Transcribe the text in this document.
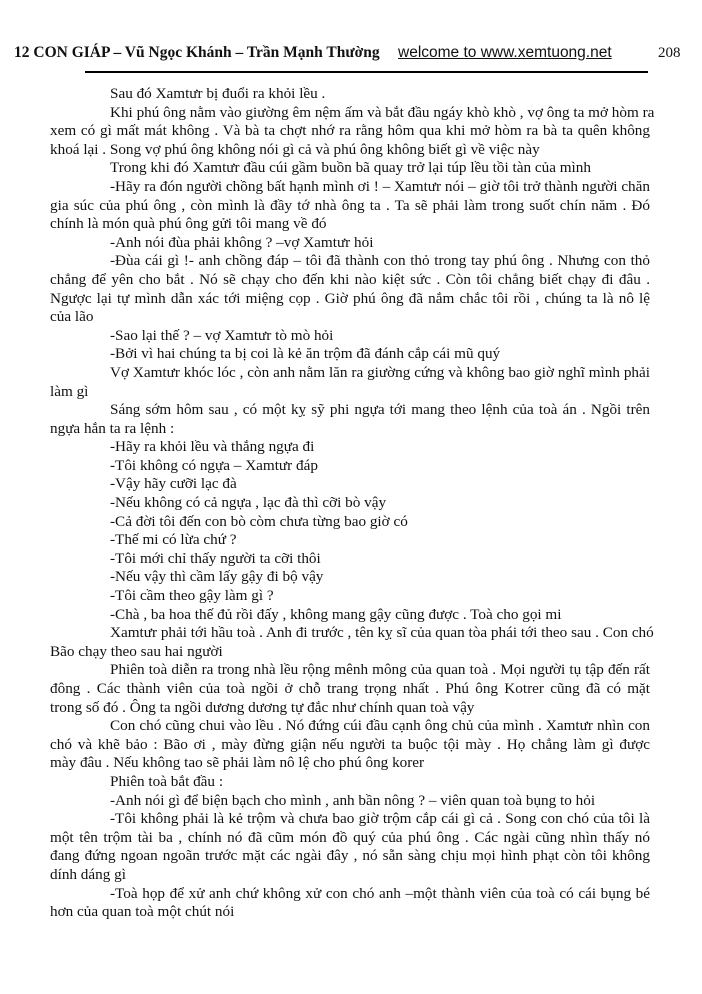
12 CON GIÁP – Vũ Ngọc Khánh – Trần Mạnh Thường welcome to www.xemtuong.net	208
Sau đó Xamtưr bị đuổi ra khỏi lều .
Khi phú ông nằm vào giường êm nệm ấm và bắt đầu ngáy khò khò , vợ ông ta mở hòm ra
xem có gì mất mát không . Và bà ta chợt nhớ ra rằng hôm qua khi mở hòm ra bà ta quên không
khoá lại . Song vợ phú ông không nói gì cả và phú ông không biết gì về việc này
Trong khi đó Xamtưr đầu cúi gầm buồn bã quay trở lại túp lều tồi tàn của mình
-Hãy ra đón người chồng bất hạnh mình ơi ! – Xamtưr nói – giờ tôi trở thành người chăn
gia súc của phú ông , còn mình là đầy tớ nhà ông ta . Ta sẽ phải làm trong suốt chín năm . Đó
chính là món quà phú ông gửi tôi mang về đó
-Anh nói đùa phải không ? –vợ Xamtưr hỏi
-Đùa cái gì !- anh chồng đáp – tôi đã thành con thỏ trong tay phú ông . Nhưng con thỏ
chẳng để yên cho bắt . Nó sẽ chạy cho đến khi nào kiệt sức . Còn tôi chẳng biết chạy đi đâu .
Ngược lại tự mình dẫn xác tới miệng cọp . Giờ phú ông đã nắm chắc tôi rồi , chúng ta là nô lệ
của lão
-Sao lại thế ? – vợ Xamtưr tò mò hỏi
-Bởi vì hai chúng ta bị coi là kẻ ăn trộm đã đánh cắp cái mũ quý
Vợ Xamtưr khóc lóc , còn anh nằm lăn ra giường cứng và không bao giờ nghĩ mình phải
làm gì
Sáng sớm hôm sau , có một kỵ sỹ phi ngựa tới mang theo lệnh của toà án . Ngồi trên
ngựa hắn ta ra lệnh :
-Hãy ra khỏi lều và thắng ngựa đi
-Tôi không có ngựa – Xamtưr đáp
-Vậy hãy cưỡi lạc đà
-Nếu không có cả ngựa , lạc đà thì cỡi bò vậy
-Cả đời tôi đến con bò còm chưa từng bao giờ có
-Thế mi có lừa chứ ?
-Tôi mới chỉ thấy người ta cỡi thôi
-Nếu vậy thì cầm lấy gậy đi bộ vậy
-Tôi cầm theo gậy làm gì ?
-Chà , ba hoa thế đủ rồi đấy , không mang gậy cũng được . Toà cho gọi mi
Xamtưr phải tới hầu toà . Anh đi trước , tên kỵ sĩ của quan tòa phái tới theo sau . Con chó
Bão chạy theo sau hai người
Phiên toà diễn ra trong nhà lều rộng mênh mông của quan toà . Mọi người tụ tập đến rất
đông . Các thành viên của toà ngồi ở chỗ trang trọng nhất . Phú ông Kotrer cũng đã có mặt
trong số đó . Ông ta ngồi dương dương tự đắc như chính quan toà vậy
Con chó cũng chui vào lều . Nó đứng cúi đầu cạnh ông chủ của mình . Xamtưr nhìn con
chó và khẽ bảo : Bão ơi , mày đừng giận nếu người ta buộc tội mày . Họ chẳng làm gì được
mày đâu . Nếu không tao sẽ phải làm nô lệ cho phú ông korer
Phiên toà bắt đầu :
-Anh nói gì để biện bạch cho mình , anh bần nông ? – viên quan toà bụng to hỏi
-Tôi không phải là kẻ trộm và chưa bao giờ trộm cắp cái gì cả . Song con chó của tôi là
một tên trộm tài ba , chính nó đã cũm món đồ quý của phú ông . Các ngài cũng nhìn thấy nó
đang đứng ngoan ngoãn trước mặt các ngài đây , nó sẵn sàng chịu mọi hình phạt còn tôi không
dính dáng gì
-Toà họp để xử anh chứ không xử con chó anh –một thành viên của toà có cái bụng bé
hơn của quan toà một chút nói
